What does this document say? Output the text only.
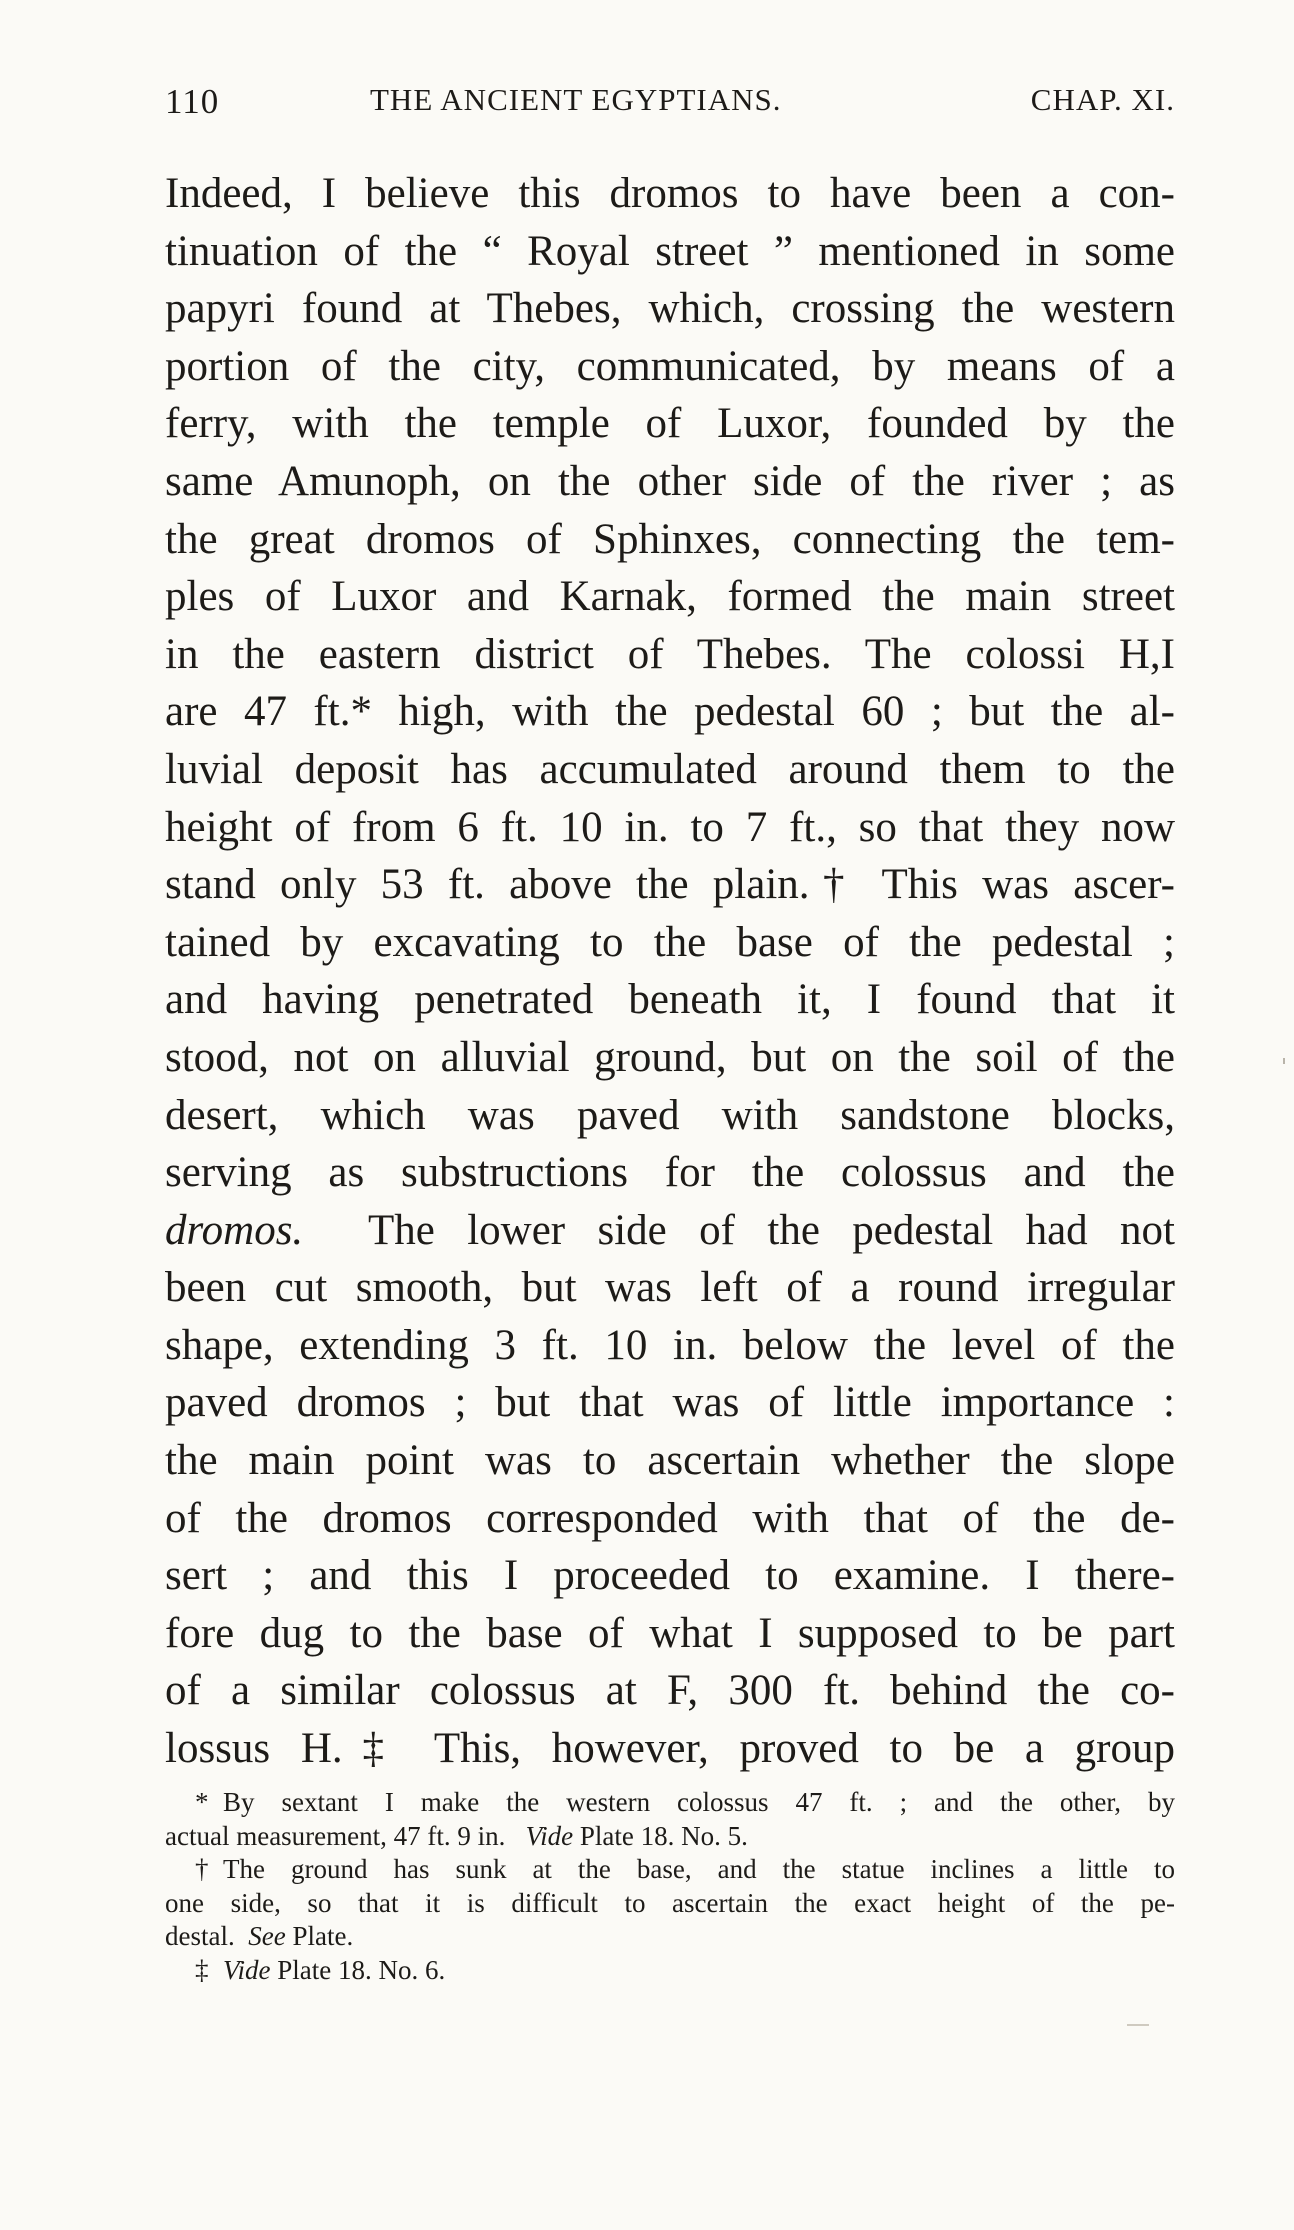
110	THE ANCIENT EGYPTIANS.	CHAP. XI.
Indeed, I believe this dromos to have been a con-
tinuation of the “ Royal street ” mentioned in some
papyri found at Thebes, which, crossing the western
portion of the city, communicated, by means of a
ferry, with the temple of Luxor, founded by the
same Amunoph, on the other side of the river ; as
the great dromos of Sphinxes, connecting the tem-
ples of Luxor and Karnak, formed the main street
in the eastern district of Thebes. The colossi H,I
are 47 ft.* high, with the pedestal 60 ; but the al-
luvial deposit has accumulated around them to the
height of from 6 ft. 10 in. to 7 ft., so that they now
stand only 53 ft. above the plain.† This was ascer-
tained by excavating to the base of the pedestal ;
and having penetrated beneath it, I found that it
stood, not on alluvial ground, but on the soil of the
desert, which was paved with sandstone blocks,
serving as substructions for the colossus and the
dromos. The lower side of the pedestal had not
been cut smooth, but was left of a round irregular
shape, extending 3 ft. 10 in. below the level of the
paved dromos ; but that was of little importance :
the main point was to ascertain whether the slope
of the dromos corresponded with that of the de-
sert ; and this I proceeded to examine. I there-
fore dug to the base of what I supposed to be part
of a similar colossus at F, 300 ft. behind the co-
lossus H.‡ This, however, proved to be a group
* By sextant I make the western colossus 47 ft. ; and the other, by
actual measurement, 47 ft. 9 in. Vide Plate 18. No. 5.
† The ground has sunk at the base, and the statue inclines a little to
one side, so that it is difficult to ascertain the exact height of the pe-
destal. See Plate.
‡ Vide Plate 18. No. 6.
